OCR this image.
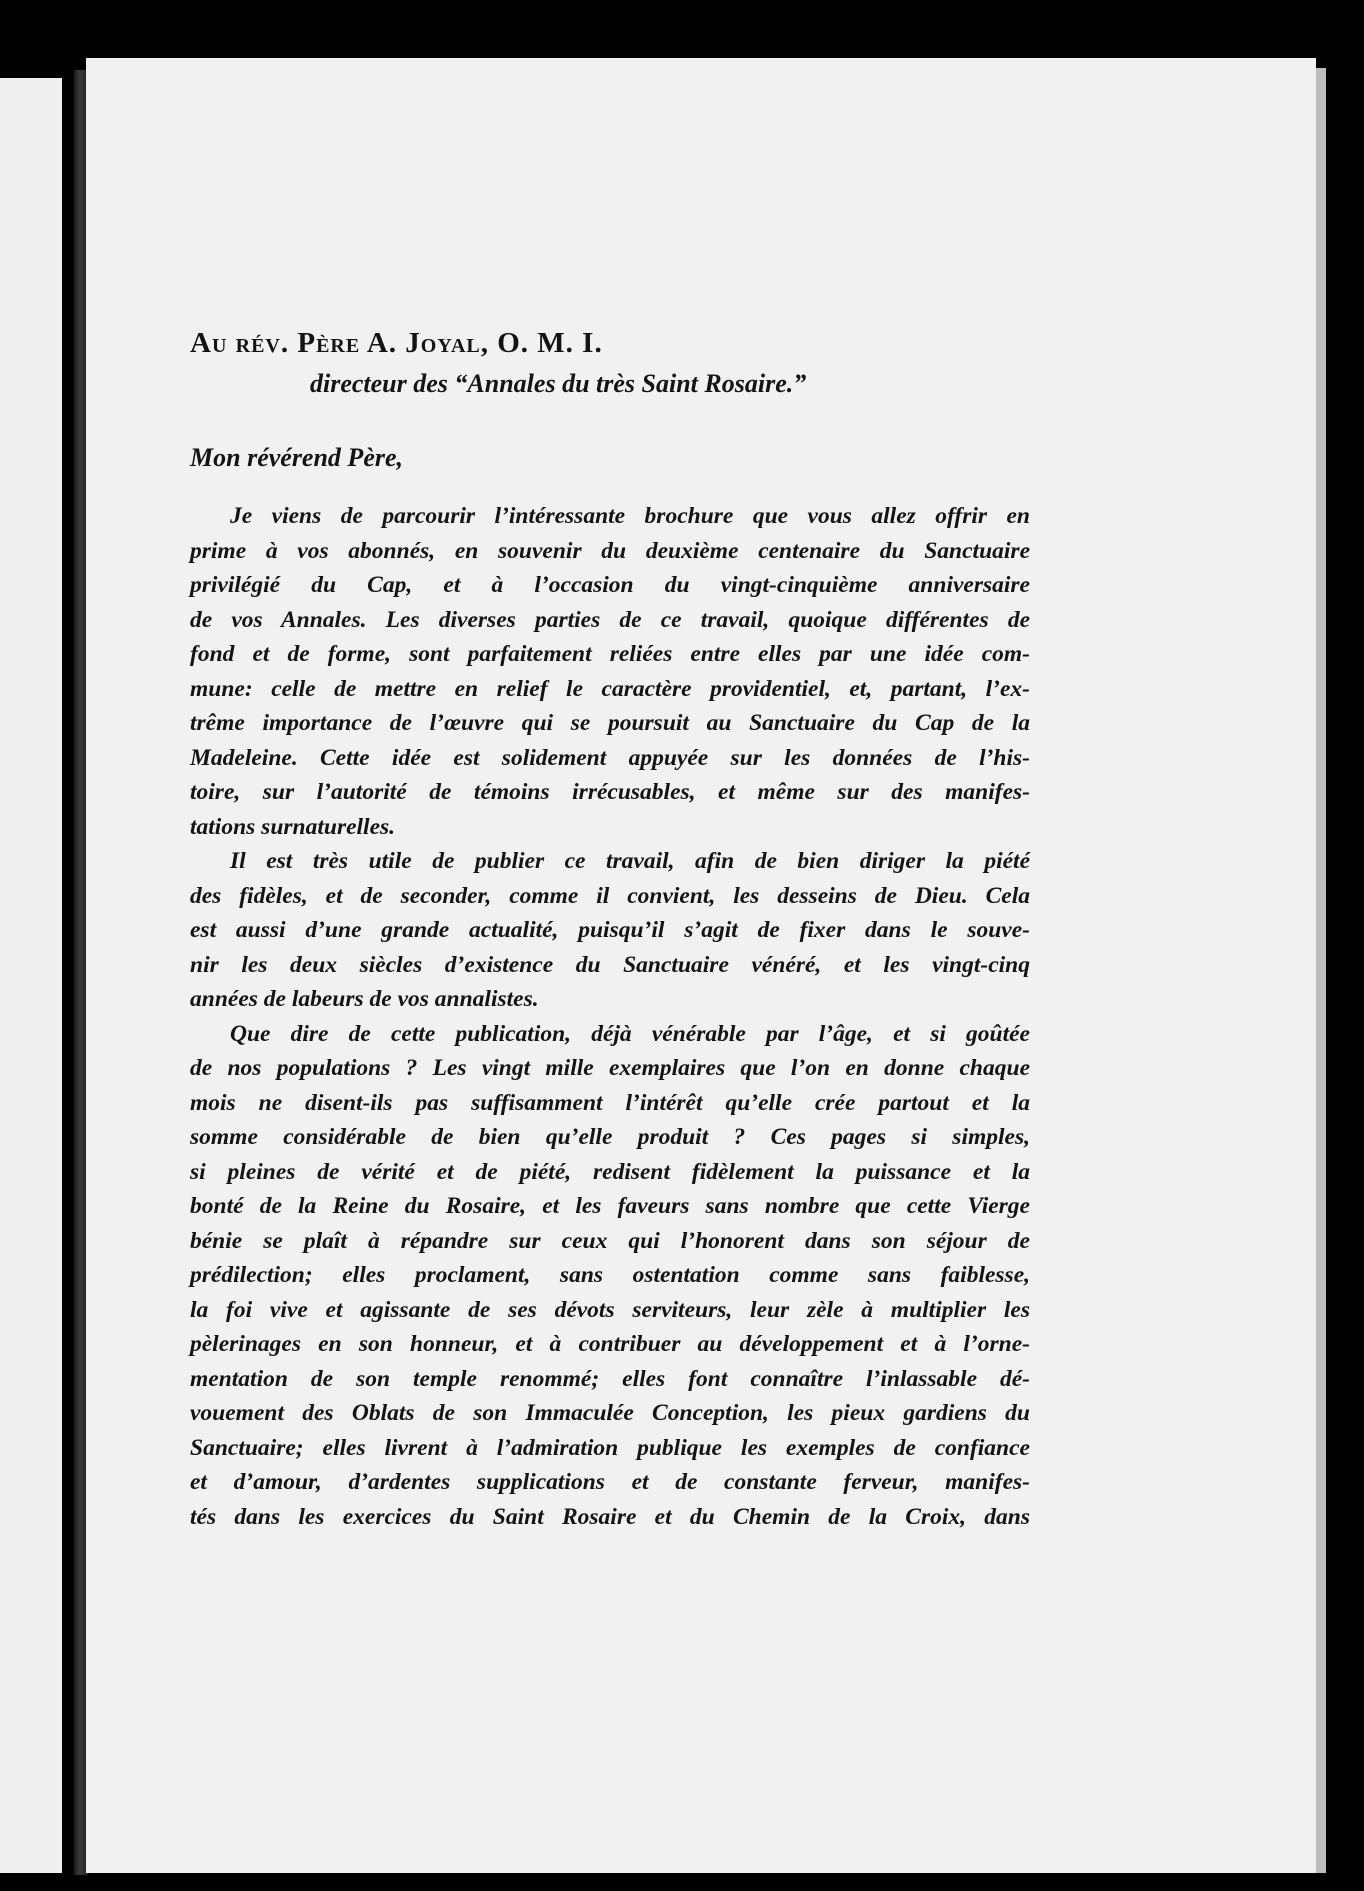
Au rév. Père A. Joyal, O. M. I.
directeur des “Annales du très Saint Rosaire.”
Mon révérend Père,
Je viens de parcourir l’intéressante brochure que vous allez offrir en
prime à vos abonnés, en souvenir du deuxième centenaire du Sanctuaire
privilégié du Cap, et à l’occasion du vingt-cinquième anniversaire
de vos Annales. Les diverses parties de ce travail, quoique différentes de
fond et de forme, sont parfaitement reliées entre elles par une idée com-
mune: celle de mettre en relief le caractère providentiel, et, partant, l’ex-
trême importance de l’œuvre qui se poursuit au Sanctuaire du Cap de la
Madeleine. Cette idée est solidement appuyée sur les données de l’his-
toire, sur l’autorité de témoins irrécusables, et même sur des manifes-
tations surnaturelles.
Il est très utile de publier ce travail, afin de bien diriger la piété
des fidèles, et de seconder, comme il convient, les desseins de Dieu. Cela
est aussi d’une grande actualité, puisqu’il s’agit de fixer dans le souve-
nir les deux siècles d’existence du Sanctuaire vénéré, et les vingt-cinq
années de labeurs de vos annalistes.
Que dire de cette publication, déjà vénérable par l’âge, et si goûtée
de nos populations ? Les vingt mille exemplaires que l’on en donne chaque
mois ne disent-ils pas suffisamment l’intérêt qu’elle crée partout et la
somme considérable de bien qu’elle produit ? Ces pages si simples,
si pleines de vérité et de piété, redisent fidèlement la puissance et la
bonté de la Reine du Rosaire, et les faveurs sans nombre que cette Vierge
bénie se plaît à répandre sur ceux qui l’honorent dans son séjour de
prédilection; elles proclament, sans ostentation comme sans faiblesse,
la foi vive et agissante de ses dévots serviteurs, leur zèle à multiplier les
pèlerinages en son honneur, et à contribuer au développement et à l’orne-
mentation de son temple renommé; elles font connaître l’inlassable dé-
vouement des Oblats de son Immaculée Conception, les pieux gardiens du
Sanctuaire; elles livrent à l’admiration publique les exemples de confiance
et d’amour, d’ardentes supplications et de constante ferveur, manifes-
tés dans les exercices du Saint Rosaire et du Chemin de la Croix, dans
